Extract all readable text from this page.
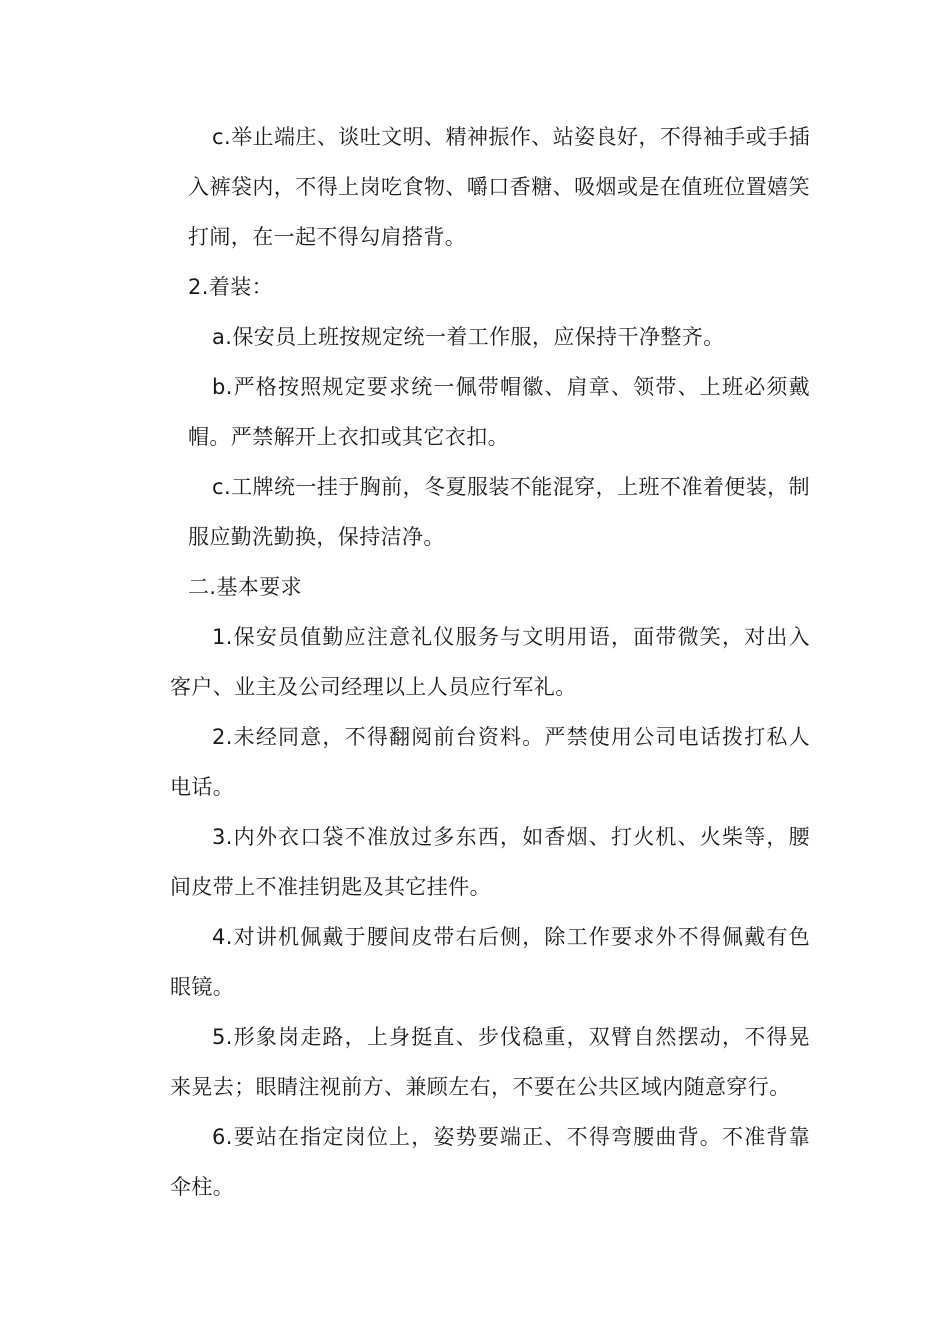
c.举止端庄、谈吐文明、精神振作、站姿良好，不得袖手或手插入裤袋内，不得上岗吃食物、嚼口香糖、吸烟或是在值班位置嬉笑打闹，在一起不得勾肩搭背。

2.着装：

a.保安员上班按规定统一着工作服，应保持干净整齐。

b.严格按照规定要求统一佩带帽徽、肩章、领带、上班必须戴帽。严禁解开上衣扣或其它衣扣。

c.工牌统一挂于胸前，冬夏服装不能混穿，上班不准着便装，制服应勤洗勤换，保持洁净。

二.基本要求

1.保安员值勤应注意礼仪服务与文明用语，面带微笑，对出入客户、业主及公司经理以上人员应行军礼。

2.未经同意，不得翻阅前台资料。严禁使用公司电话拨打私人电话。

3.内外衣口袋不准放过多东西，如香烟、打火机、火柴等，腰间皮带上不准挂钥匙及其它挂件。

4.对讲机佩戴于腰间皮带右后侧，除工作要求外不得佩戴有色眼镜。

5.形象岗走路，上身挺直、步伐稳重，双臂自然摆动，不得晃来晃去；眼睛注视前方、兼顾左右，不要在公共区域内随意穿行。

6.要站在指定岗位上，姿势要端正、不得弯腰曲背。不准背靠伞柱。
